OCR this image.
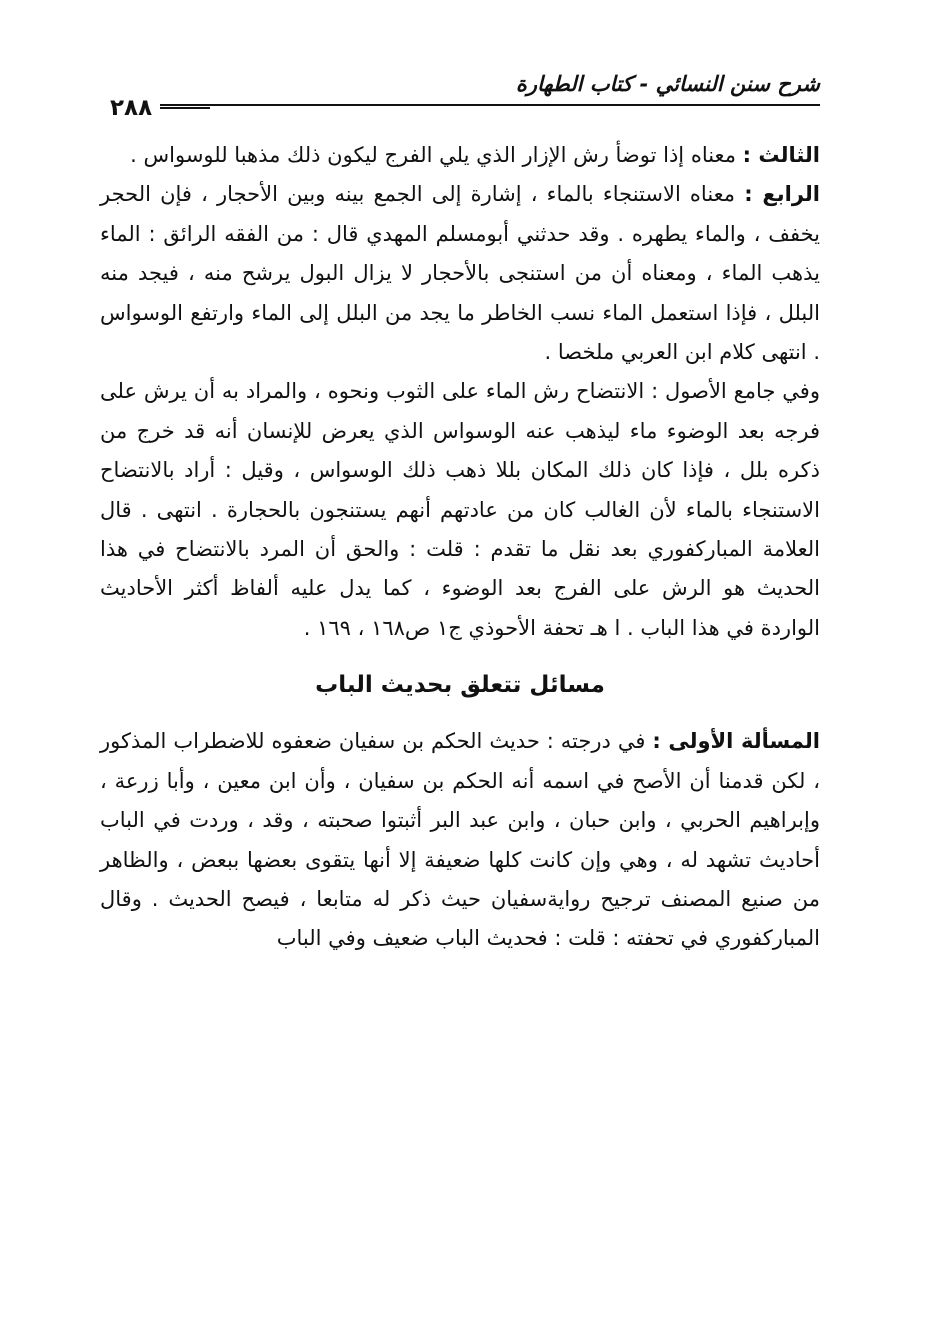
شرح سنن النسائي - كتاب الطهارة
٢٨٨

الثالث : معناه إذا توضأ رش الإزار الذي يلي الفرج ليكون ذلك مذهبا للوسواس .

الرابع : معناه الاستنجاء بالماء ، إشارة إلى الجمع بينه وبين الأحجار ، فإن الحجر يخفف ، والماء يطهره . وقد حدثني أبومسلم المهدي قال : من الفقه الرائق : الماء يذهب الماء ، ومعناه أن من استنجى بالأحجار لا يزال البول يرشح منه ، فيجد منه البلل ، فإذا استعمل الماء نسب الخاطر ما يجد من البلل إلى الماء وارتفع الوسواس . انتهى كلام ابن العربي ملخصا .

وفي جامع الأصول : الانتضاح رش الماء على الثوب ونحوه ، والمراد به أن يرش على فرجه بعد الوضوء ماء ليذهب عنه الوسواس الذي يعرض للإنسان أنه قد خرج من ذكره بلل ، فإذا كان ذلك المكان بللا ذهب ذلك الوسواس ، وقيل : أراد بالانتضاح الاستنجاء بالماء لأن الغالب كان من عادتهم أنهم يستنجون بالحجارة . انتهى . قال العلامة المباركفوري بعد نقل ما تقدم : قلت : والحق أن المرد بالانتضاح في هذا الحديث هو الرش على الفرج بعد الوضوء ، كما يدل عليه ألفاظ أكثر الأحاديث الواردة في هذا الباب . ا هـ تحفة الأحوذي ج١ ص١٦٨ ، ١٦٩ .

مسائل تتعلق بحديث الباب

المسألة الأولى : في درجته : حديث الحكم بن سفيان ضعفوه للاضطراب المذكور ، لكن قدمنا أن الأصح في اسمه أنه الحكم بن سفيان ، وأن ابن معين ، وأبا زرعة ، وإبراهيم الحربي ، وابن حبان ، وابن عبد البر أثبتوا صحبته ، وقد ، وردت في الباب أحاديث تشهد له ، وهي وإن كانت كلها ضعيفة إلا أنها يتقوى بعضها ببعض ، والظاهر من صنيع المصنف ترجيح روايةسفيان حيث ذكر له متابعا ، فيصح الحديث . وقال المباركفوري في تحفته : قلت : فحديث الباب ضعيف وفي الباب
